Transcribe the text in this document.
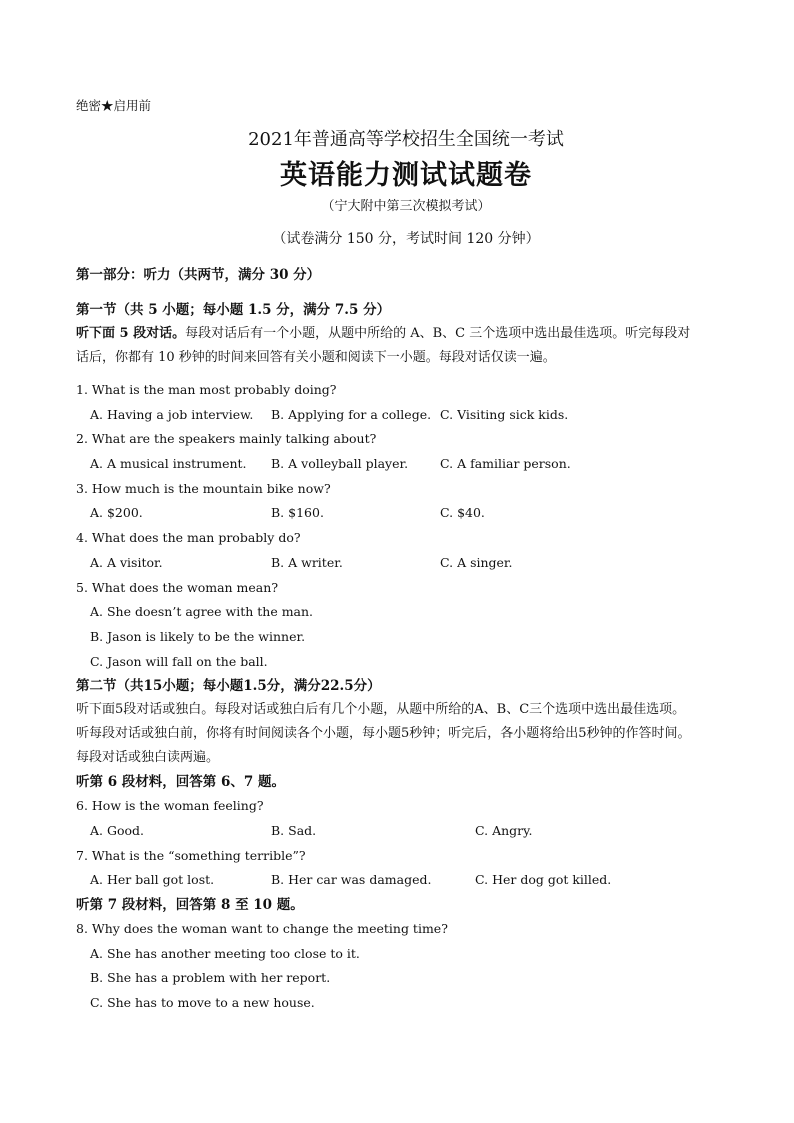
绝密★启用前
2021年普通高等学校招生全国统一考试
英语能力测试试题卷
（宁大附中第三次模拟考试）
（试卷满分 150 分，考试时间 120 分钟）
第一部分：听力（共两节，满分 30 分）
第一节（共 5 小题；每小题 1.5 分，满分 7.5 分）
听下面 5 段对话。每段对话后有一个小题，从题中所给的 A、B、C 三个选项中选出最佳选项。听完每段对
话后，你都有 10 秒钟的时间来回答有关小题和阅读下一小题。每段对话仅读一遍。
1. What is the man most probably doing?
A. Having a job interview. B. Applying for a college. C. Visiting sick kids.
2. What are the speakers mainly talking about?
A. A musical instrument. B. A volleyball player.	C. A familiar person.
3. How much is the mountain bike now?
A. $200.	B. $160.	C. $40.
4. What does the man probably do?
A. A visitor.	B. A writer.	C. A singer.
5. What does the woman mean?
A. She doesn’t agree with the man.
B. Jason is likely to be the winner.
C. Jason will fall on the ball.
第二节（共15小题；每小题1.5分，满分22.5分）
听下面5段对话或独白。每段对话或独白后有几个小题，从题中所给的A、B、C三个选项中选出最佳选项。
听每段对话或独白前，你将有时间阅读各个小题，每小题5秒钟；听完后，各小题将给出5秒钟的作答时间。
每段对话或独白读两遍。
听第 6 段材料，回答第 6、7 题。
6. How is the woman feeling?
A. Good.	B. Sad.	C. Angry.
7. What is the “something terrible”?
A. Her ball got lost.	B. Her car was damaged.	C. Her dog got killed.
听第 7 段材料，回答第 8 至 10 题。
8. Why does the woman want to change the meeting time?
A. She has another meeting too close to it.
B. She has a problem with her report.
C. She has to move to a new house.
